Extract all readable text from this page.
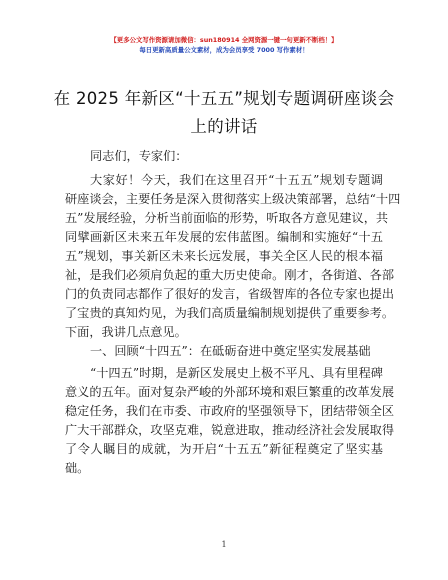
【更多公文写作资源请加微信：sun180914 全网资源一键一句更新不断档！】
每日更新高质量公文素材，成为会员享受 7000 写作素材！
在 2025 年新区“十五五”规划专题调研座谈会
上的讲话
同志们，专家们：
大家好！今天，我们在这里召开“十五五”规划专题调
研座谈会，主要任务是深入贯彻落实上级决策部署，总结“十四
五”发展经验，分析当前面临的形势，听取各方意见建议，共
同擘画新区未来五年发展的宏伟蓝图。编制和实施好“十五
五”规划，事关新区未来长远发展，事关全区人民的根本福
祉，是我们必须肩负起的重大历史使命。刚才，各街道、各部
门的负责同志都作了很好的发言，省级智库的各位专家也提出
了宝贵的真知灼见，为我们高质量编制规划提供了重要参考。
下面，我讲几点意见。
一、回顾“十四五”：在砥砺奋进中奠定坚实发展基础
“十四五”时期，是新区发展史上极不平凡、具有里程碑
意义的五年。面对复杂严峻的外部环境和艰巨繁重的改革发展
稳定任务，我们在市委、市政府的坚强领导下，团结带领全区
广大干部群众，攻坚克难，锐意进取，推动经济社会发展取得
了令人瞩目的成就，为开启“十五五”新征程奠定了坚实基
础。
1
